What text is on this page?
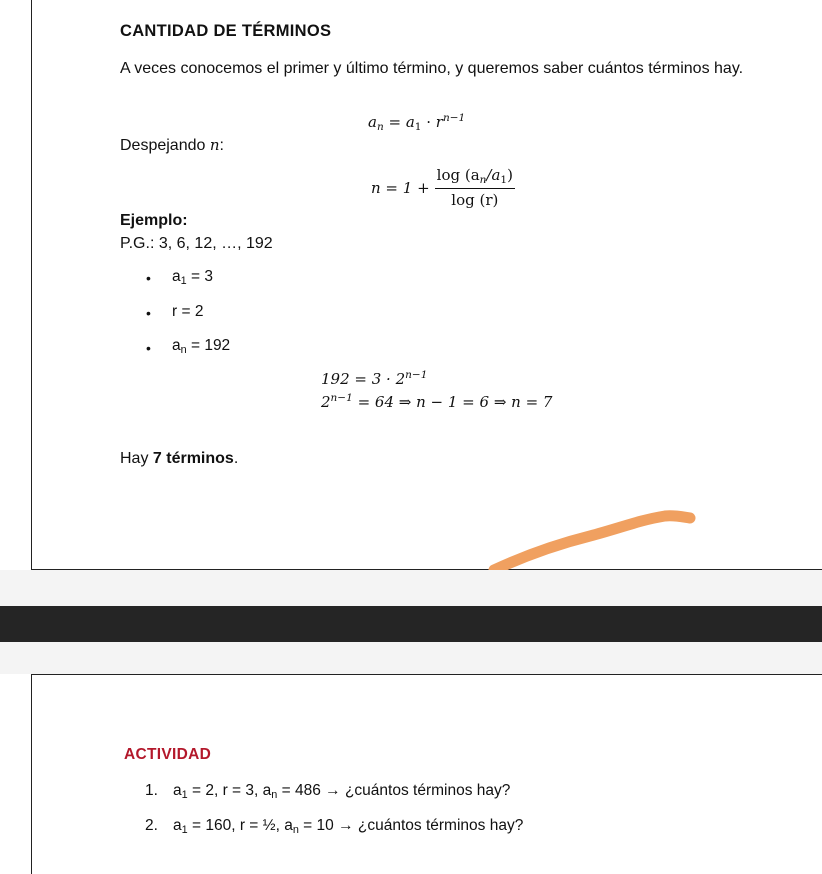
CANTIDAD DE TÉRMINOS
A veces conocemos el primer y último término, y queremos saber cuántos términos hay.
$a_n = a_1 \cdot r^{n-1}$
Despejando n:
$n = 1 + \frac{\log (a_n/a_1)}{\log (r)}$
Ejemplo:
P.G.: 3, 6, 12, …, 192
• $a_1 = 3$
• r = 2
• $a_n = 192$
$192 = 3 \cdot 2^{n-1}$
$2^{n-1} = 64$ ⇒ n − 1 = 6 ⇒ n = 7
Hay 7 términos.
ACTIVIDAD
1. $a_1 = 2$, r = 3, $a_n = 486$ → ¿cuántos términos hay?
2. $a_1 = 160$, r = ½, $a_n = 10$ → ¿cuántos términos hay?
